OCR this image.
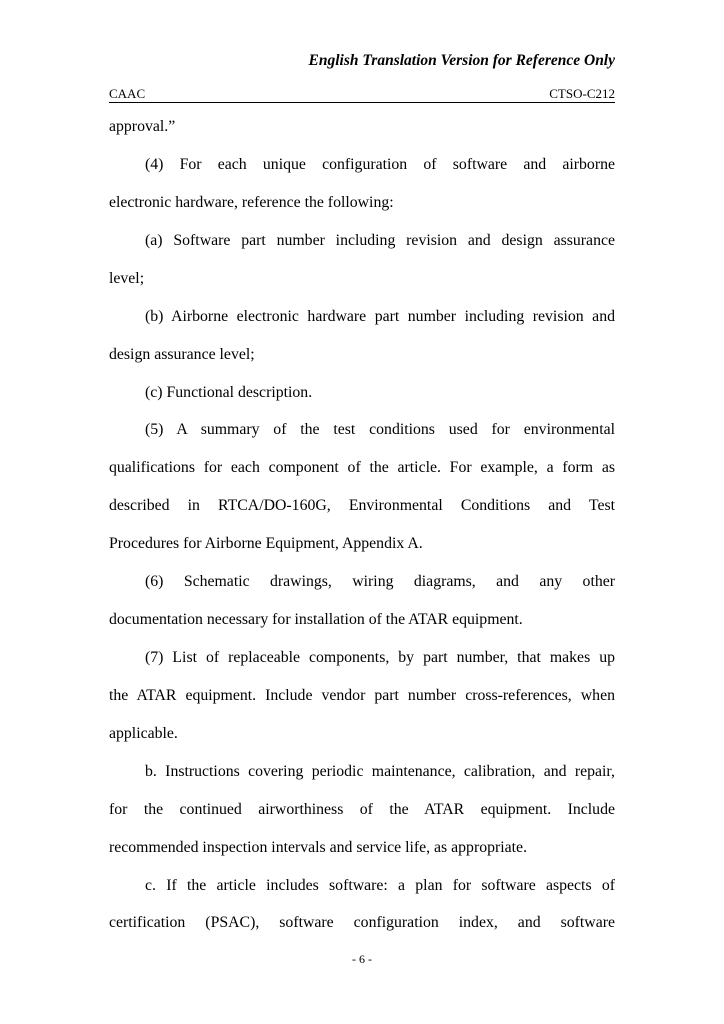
English Translation Version for Reference Only
CAAC	CTSO-C212
approval.”
(4) For each unique configuration of software and airborne
electronic hardware, reference the following:
(a) Software part number including revision and design assurance
level;
(b) Airborne electronic hardware part number including revision and
design assurance level;
(c) Functional description.
(5) A summary of the test conditions used for environmental
qualifications for each component of the article. For example, a form as
described in RTCA/DO-160G, Environmental Conditions and Test
Procedures for Airborne Equipment, Appendix A.
(6) Schematic drawings, wiring diagrams, and any other
documentation necessary for installation of the ATAR equipment.
(7) List of replaceable components, by part number, that makes up
the ATAR equipment. Include vendor part number cross-references, when
applicable.
b. Instructions covering periodic maintenance, calibration, and repair,
for the continued airworthiness of the ATAR equipment. Include
recommended inspection intervals and service life, as appropriate.
c. If the article includes software: a plan for software aspects of
certification (PSAC), software configuration index, and software
- 6 -
